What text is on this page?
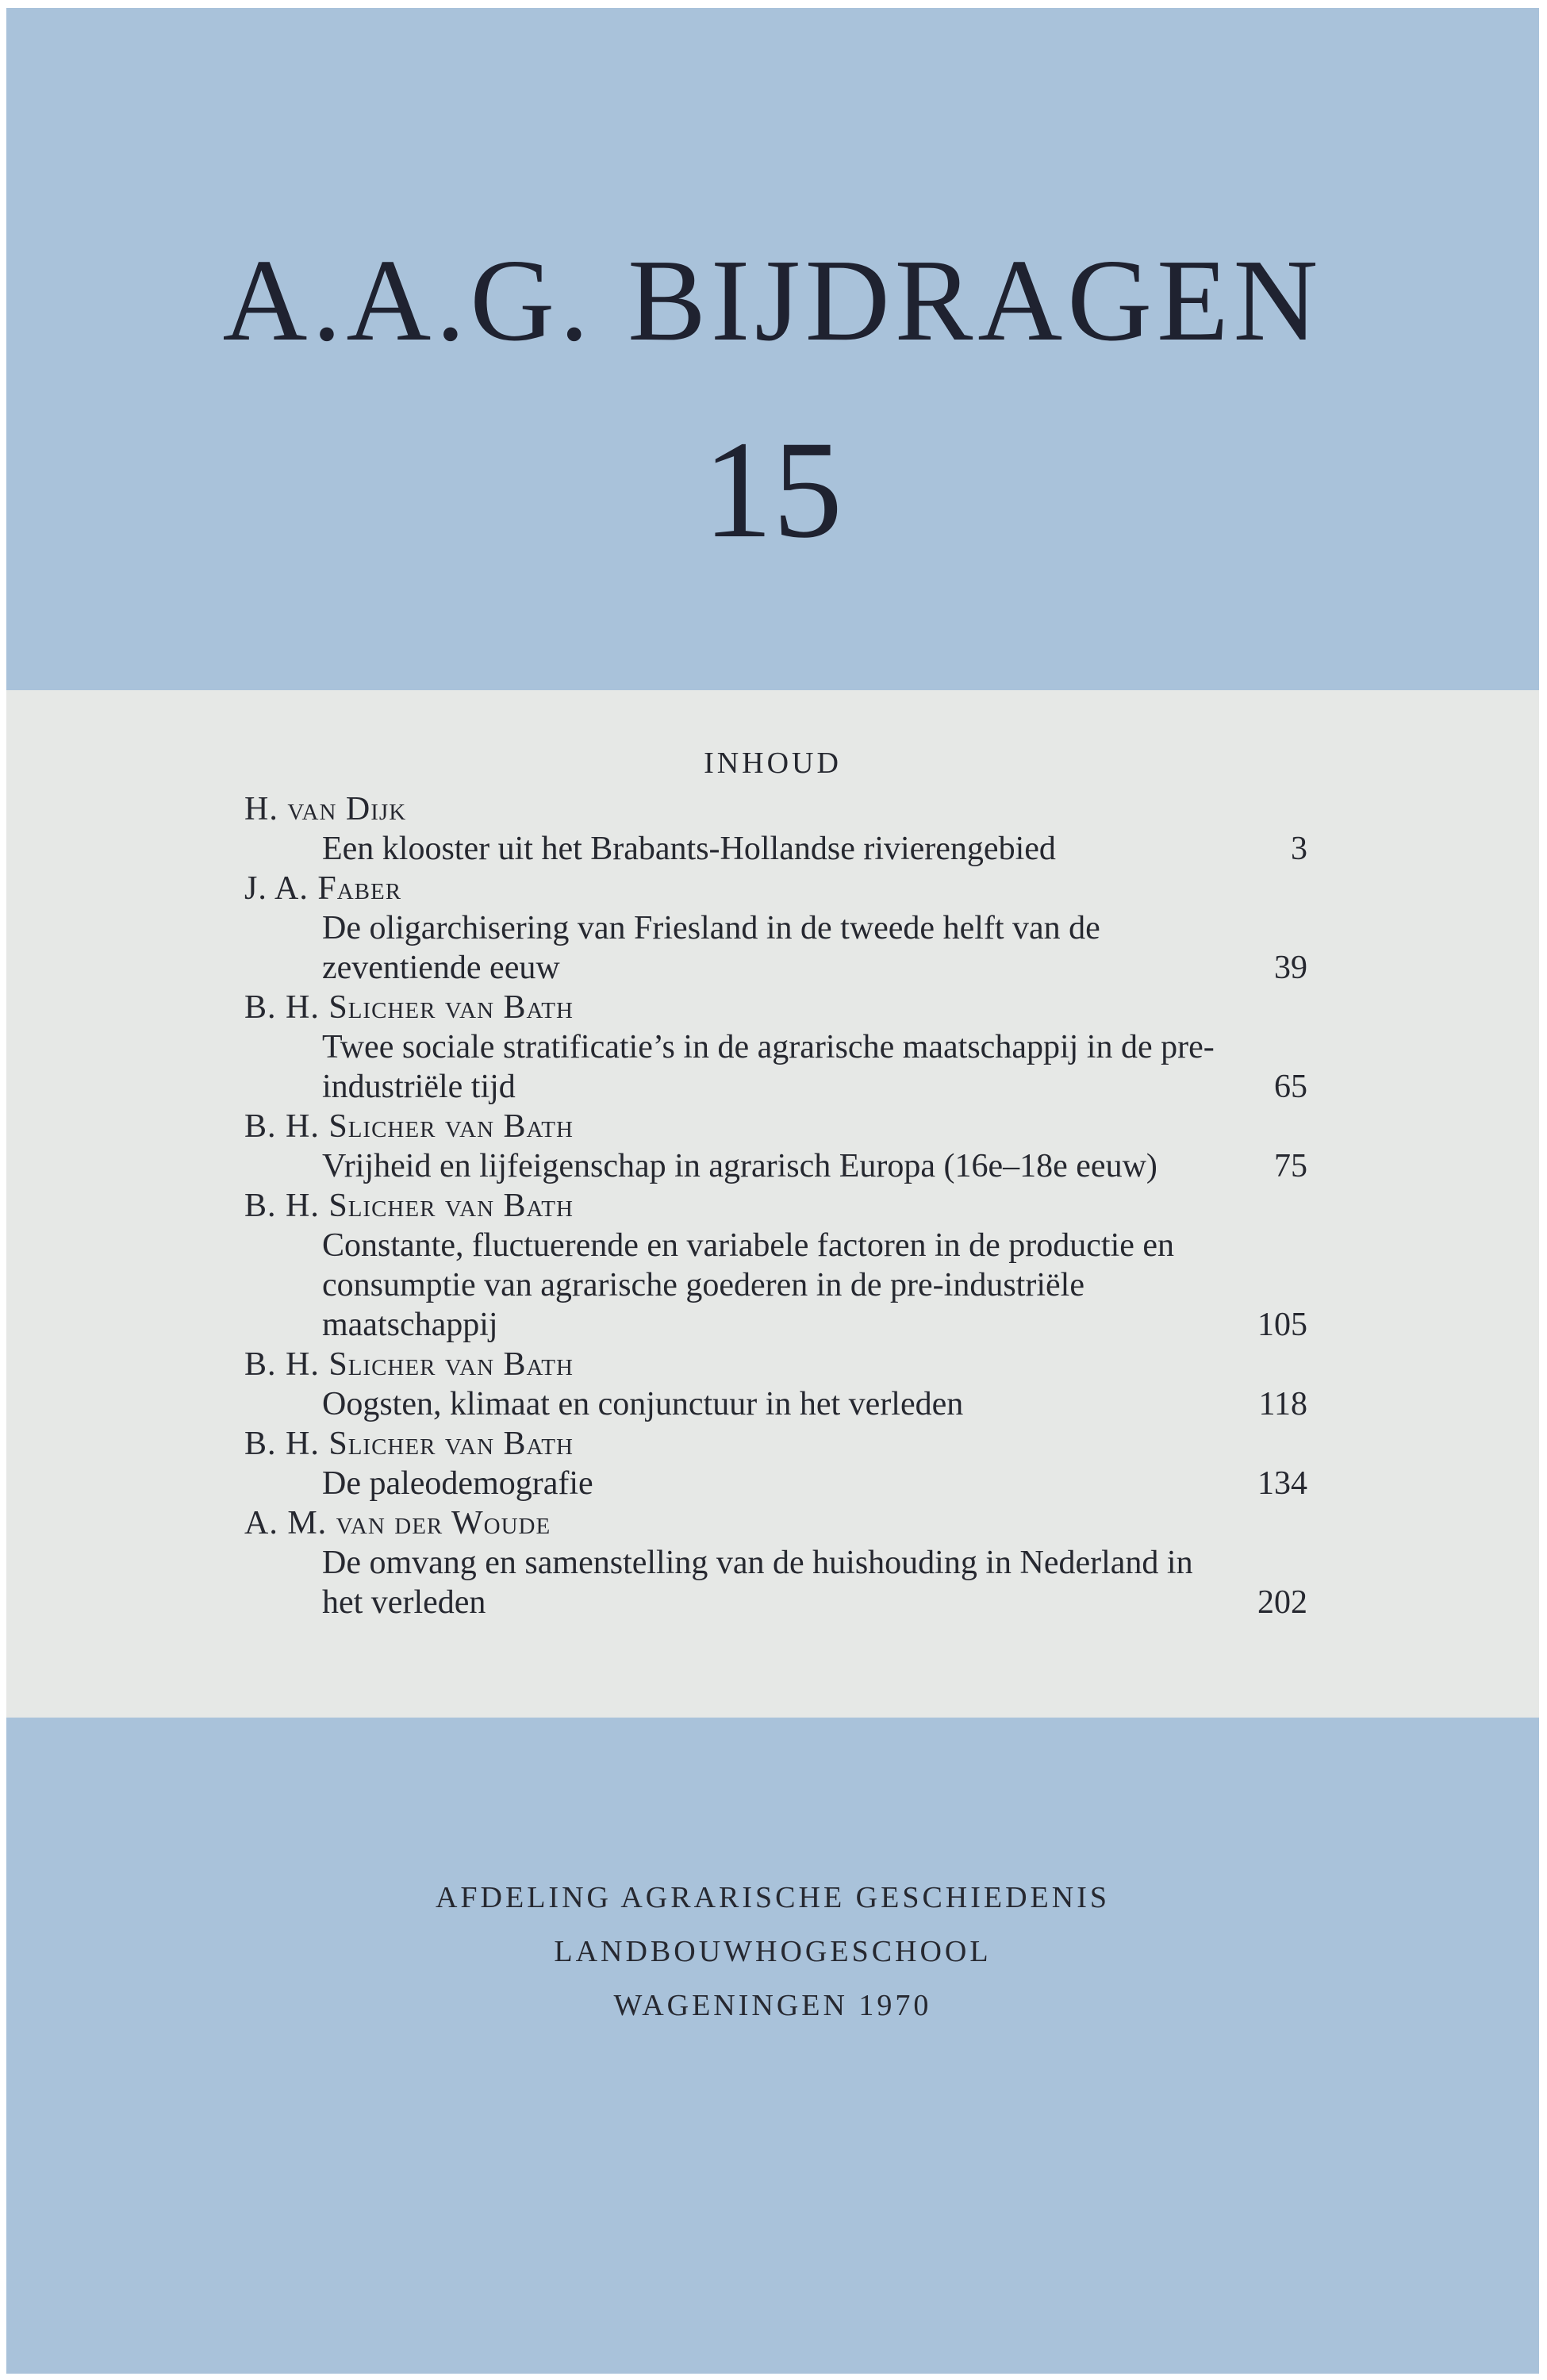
A.A.G. BIJDRAGEN
15
INHOUD
H. van Dijk
Een klooster uit het Brabants-Hollandse rivierengebied	3
J. A. Faber
De oligarchisering van Friesland in de tweede helft van de zeventiende eeuw	39
B. H. Slicher van Bath
Twee sociale stratificatie’s in de agrarische maatschappij in de pre-industriële tijd	65
B. H. Slicher van Bath
Vrijheid en lijfeigenschap in agrarisch Europa (16e–18e eeuw)	75
B. H. Slicher van Bath
Constante, fluctuerende en variabele factoren in de productie en consumptie van agrarische goederen in de pre-industriële maatschappij	105
B. H. Slicher van Bath
Oogsten, klimaat en conjunctuur in het verleden	118
B. H. Slicher van Bath
De paleodemografie	134
A. M. van der Woude
De omvang en samenstelling van de huishouding in Nederland in het verleden	202
AFDELING AGRARISCHE GESCHIEDENIS
LANDBOUWHOGESCHOOL
WAGENINGEN 1970
